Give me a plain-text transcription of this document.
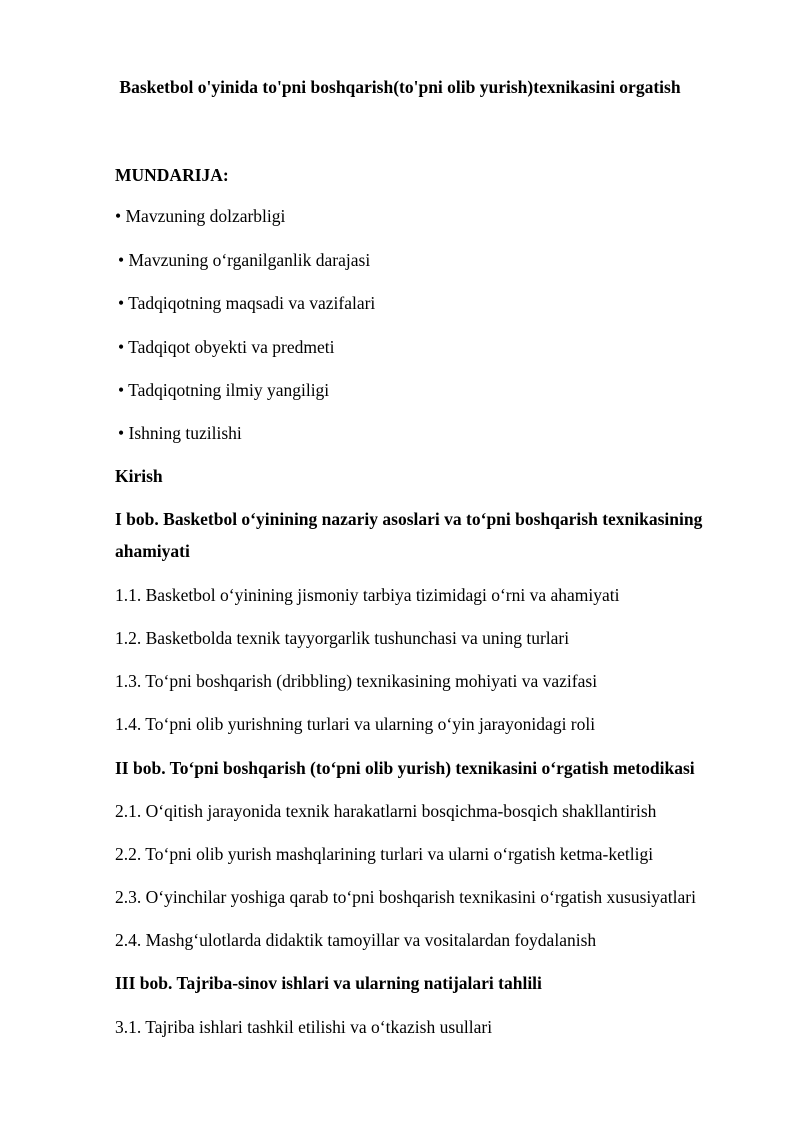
Basketbol o'yinida to'pni boshqarish(to'pni olib yurish)texnikasini orgatish
MUNDARIJA:
• Mavzuning dolzarbligi
• Mavzuning o‘rganilganlik darajasi
• Tadqiqotning maqsadi va vazifalari
• Tadqiqot obyekti va predmeti
• Tadqiqotning ilmiy yangiligi
• Ishning tuzilishi
Kirish
I bob. Basketbol o‘yinining nazariy asoslari va to‘pni boshqarish texnikasining
ahamiyati
1.1. Basketbol o‘yinining jismoniy tarbiya tizimidagi o‘rni va ahamiyati
1.2. Basketbolda texnik tayyorgarlik tushunchasi va uning turlari
1.3. To‘pni boshqarish (dribbling) texnikasining mohiyati va vazifasi
1.4. To‘pni olib yurishning turlari va ularning o‘yin jarayonidagi roli
II bob. To‘pni boshqarish (to‘pni olib yurish) texnikasini o‘rgatish metodikasi
2.1. O‘qitish jarayonida texnik harakatlarni bosqichma-bosqich shakllantirish
2.2. To‘pni olib yurish mashqlarining turlari va ularni o‘rgatish ketma-ketligi
2.3. O‘yinchilar yoshiga qarab to‘pni boshqarish texnikasini o‘rgatish xususiyatlari
2.4. Mashg‘ulotlarda didaktik tamoyillar va vositalardan foydalanish
III bob. Tajriba-sinov ishlari va ularning natijalari tahlili
3.1. Tajriba ishlari tashkil etilishi va o‘tkazish usullari
